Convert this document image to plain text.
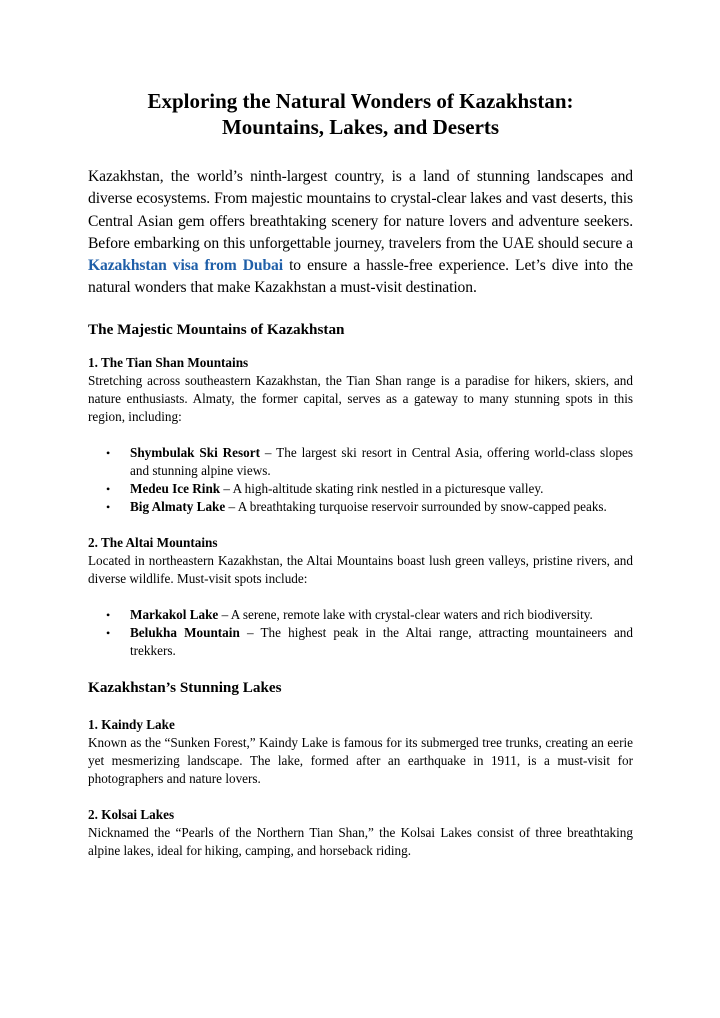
Exploring the Natural Wonders of Kazakhstan:
Mountains, Lakes, and Deserts

Kazakhstan, the world’s ninth-largest country, is a land of stunning landscapes and diverse ecosystems. From majestic mountains to crystal-clear lakes and vast deserts, this Central Asian gem offers breathtaking scenery for nature lovers and adventure seekers. Before embarking on this unforgettable journey, travelers from the UAE should secure a Kazakhstan visa from Dubai to ensure a hassle-free experience. Let’s dive into the natural wonders that make Kazakhstan a must-visit destination.

The Majestic Mountains of Kazakhstan
1. The Tian Shan Mountains

Stretching across southeastern Kazakhstan, the Tian Shan range is a paradise for hikers, skiers, and nature enthusiasts. Almaty, the former capital, serves as a gateway to many stunning spots in this region, including:

• Shymbulak Ski Resort – The largest ski resort in Central Asia, offering world-class slopes and stunning alpine views.
• Medeu Ice Rink – A high-altitude skating rink nestled in a picturesque valley.
• Big Almaty Lake – A breathtaking turquoise reservoir surrounded by snow-capped peaks.
2. The Altai Mountains

Located in northeastern Kazakhstan, the Altai Mountains boast lush green valleys, pristine rivers, and diverse wildlife. Must-visit spots include:

• Markakol Lake – A serene, remote lake with crystal-clear waters and rich biodiversity.
• Belukha Mountain – The highest peak in the Altai range, attracting mountaineers and trekkers.
Kazakhstan’s Stunning Lakes
1. Kaindy Lake

Known as the “Sunken Forest,” Kaindy Lake is famous for its submerged tree trunks, creating an eerie yet mesmerizing landscape. The lake, formed after an earthquake in 1911, is a must-visit for photographers and nature lovers.

2. Kolsai Lakes

Nicknamed the “Pearls of the Northern Tian Shan,” the Kolsai Lakes consist of three breathtaking alpine lakes, ideal for hiking, camping, and horseback riding.
